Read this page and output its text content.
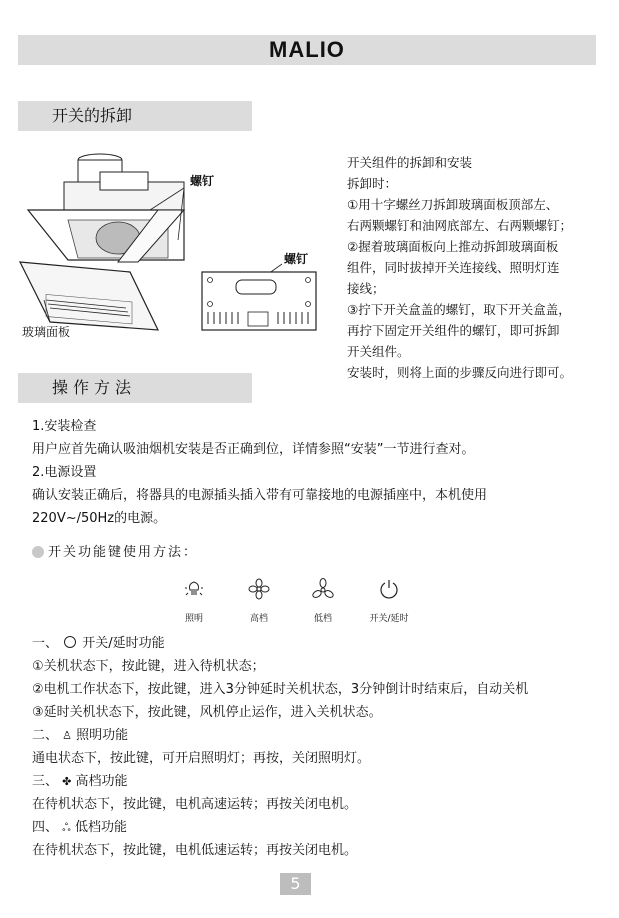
MALIO
开关的拆卸
螺钉
螺钉
玻璃面板
开关组件的拆卸和安装
拆卸时：
①用十字螺丝刀拆卸玻璃面板顶部左、
右两颗螺钉和油网底部左、右两颗螺钉；
②握着玻璃面板向上推动拆卸玻璃面板
组件，同时拔掉开关连接线、照明灯连
接线；
③拧下开关盒盖的螺钉，取下开关盒盖，
再拧下固定开关组件的螺钉，即可拆卸
开关组件。
安装时，则将上面的步骤反向进行即可。
操作方法
1.安装检查
用户应首先确认吸油烟机安装是否正确到位，详情参照“安装”一节进行查对。
2.电源设置
确认安装正确后，将器具的电源插头插入带有可靠接地的电源插座中，本机使用
220V~/50Hz的电源。
开关功能键使用方法：
照明	高档	低档	开关/延时
一、 开关/延时功能
①关机状态下，按此键，进入待机状态；
②电机工作状态下，按此键，进入3分钟延时关机状态，3分钟倒计时结束后，自动关机
③延时关机状态下，按此键，风机停止运作，进入关机状态。
二、 ♙ 照明功能
通电状态下，按此键，可开启照明灯；再按，关闭照明灯。
三、 ✤ 高档功能
在待机状态下，按此键，电机高速运转；再按关闭电机。
四、 ஃ 低档功能
在待机状态下，按此键，电机低速运转；再按关闭电机。
5
